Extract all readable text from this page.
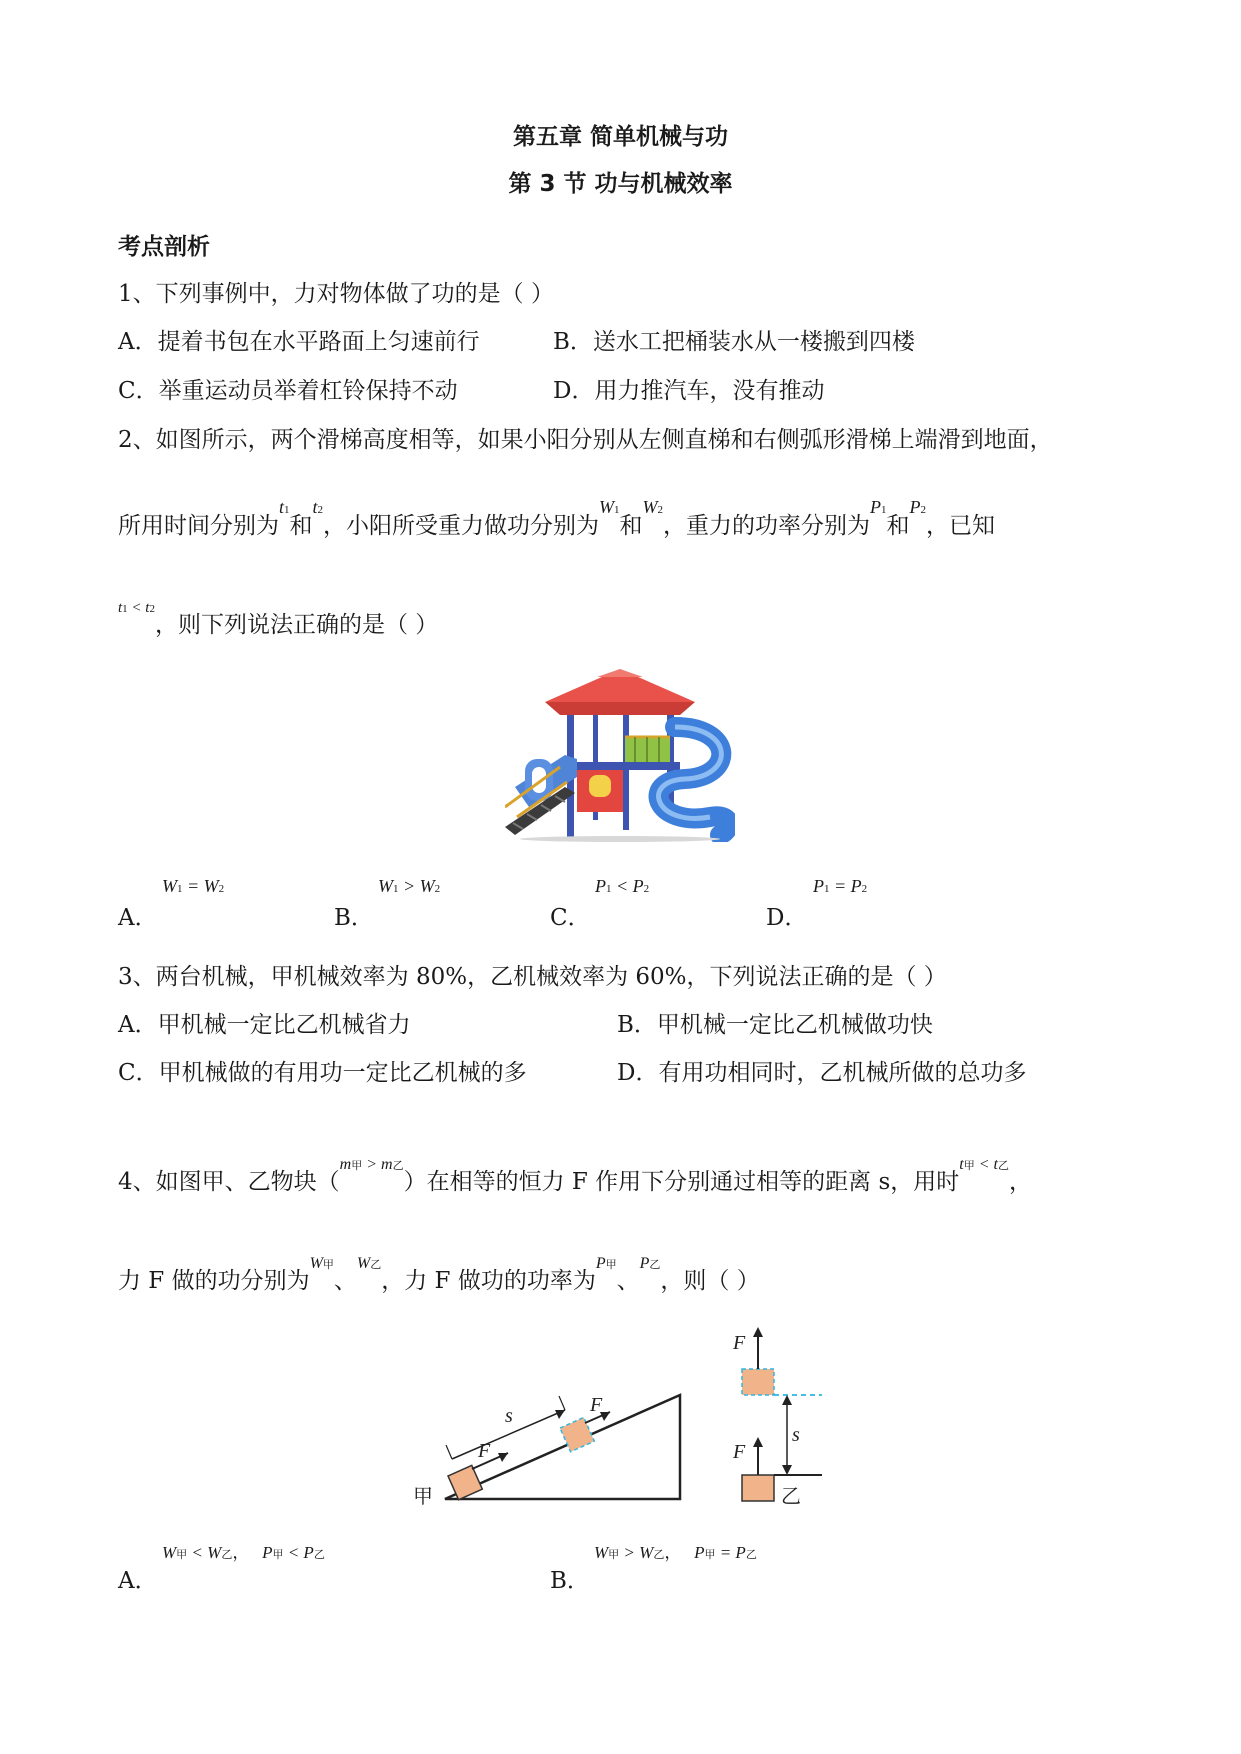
第五章 简单机械与功
第 3 节 功与机械效率
考点剖析
1、下列事例中，力对物体做了功的是（ ）
A．提着书包在水平路面上匀速前行	B．送水工把桶装水从一楼搬到四楼
C．举重运动员举着杠铃保持不动	D．用力推汽车，没有推动
2、如图所示，两个滑梯高度相等，如果小阳分别从左侧直梯和右侧弧形滑梯上端滑到地面，
所用时间分别为$^{t1}$和$^{t2}$，小阳所受重力做功分别为$^{W1}$和$^{W2}$，重力的功率分别为$^{P1}$和$^{P2}$，已知
$^{t1 < t2}$，则下列说法正确的是（ ）
A．
W1 = W2
B．
W1 > W2
C．
P1 < P2
D．
P1 = P2
3、两台机械，甲机械效率为 80%，乙机械效率为 60%，下列说法正确的是（ ）
A．甲机械一定比乙机械省力	B．甲机械一定比乙机械做功快
C．甲机械做的有用功一定比乙机械的多	D．有用功相同时，乙机械所做的总功多
4、如图甲、乙物块（$^{m甲 > m乙}$）在相等的恒力 F 作用下分别通过相等的距离 s，用时$^{t甲 < t乙}$，
力 F 做的功分别为$^{W甲}$、$^{W乙}$，力 F 做功的功率为$^{P甲}$、$^{P乙}$，则（ ）
F
F
s
甲
F
F
s
乙
A．
W甲 < W乙，   P甲 < P乙
B．
W甲 > W乙，   P甲 = P乙
